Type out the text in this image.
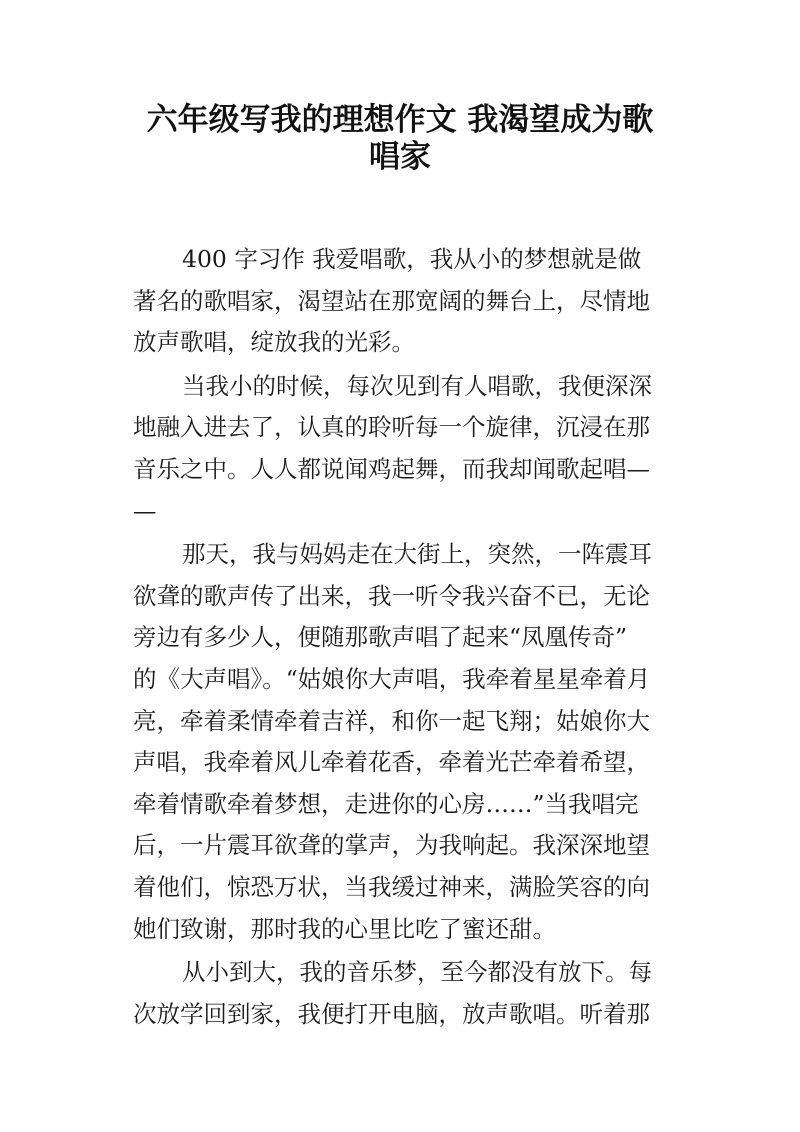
六年级写我的理想作文 我渴望成为歌
唱家
400 字习作 我爱唱歌，我从小的梦想就是做
著名的歌唱家，渴望站在那宽阔的舞台上，尽情地
放声歌唱，绽放我的光彩。
当我小的时候，每次见到有人唱歌，我便深深
地融入进去了，认真的聆听每一个旋律，沉浸在那
音乐之中。人人都说闻鸡起舞，而我却闻歌起唱—
—
那天，我与妈妈走在大街上，突然，一阵震耳
欲聋的歌声传了出来，我一听令我兴奋不已，无论
旁边有多少人，便随那歌声唱了起来“凤凰传奇”
的《大声唱》。“姑娘你大声唱，我牵着星星牵着月
亮，牵着柔情牵着吉祥，和你一起飞翔；姑娘你大
声唱，我牵着风儿牵着花香，牵着光芒牵着希望，
牵着情歌牵着梦想，走进你的心房……”当我唱完
后，一片震耳欲聋的掌声，为我响起。我深深地望
着他们，惊恐万状，当我缓过神来，满脸笑容的向
她们致谢，那时我的心里比吃了蜜还甜。
从小到大，我的音乐梦，至今都没有放下。每
次放学回到家，我便打开电脑，放声歌唱。听着那
